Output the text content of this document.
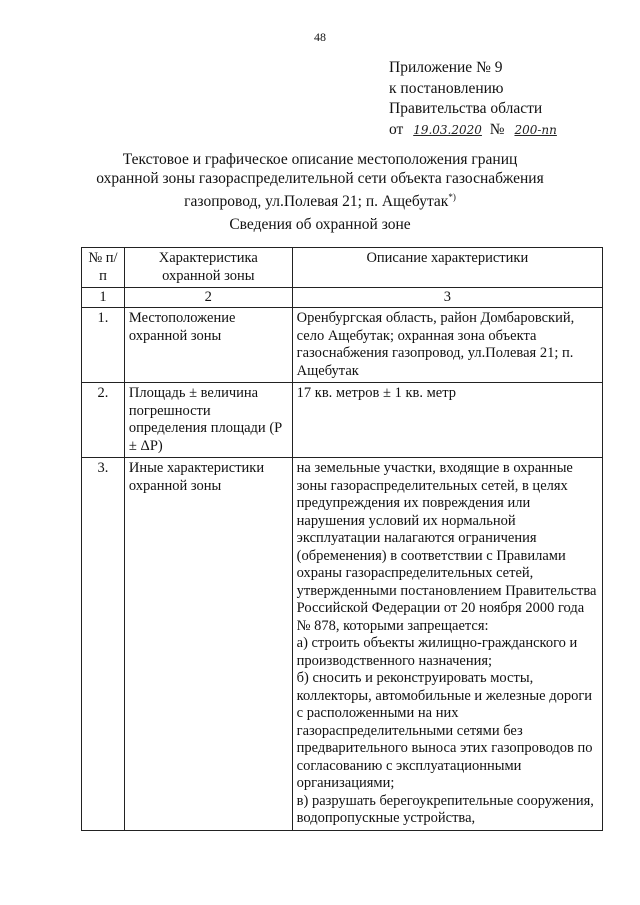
48
Приложение № 9
к постановлению
Правительства области
от 19.03.2020 № 200-пп
Текстовое и графическое описание местоположения границ
охранной зоны газораспределительной сети объекта газоснабжения
газопровод, ул.Полевая 21; п. Ащебутак*)
Сведения об охранной зоне
№ п/п	Характеристика охранной зоны	Описание характеристики
1	2	3
1.	Местоположение охранной зоны	Оренбургская область, район Домбаровский, село Ащебутак; охранная зона объекта газоснабжения газопровод, ул.Полевая 21; п. Ащебутак
2.	Площадь ± величина погрешности определения площади (P ± ΔP)	17 кв. метров ± 1 кв. метр
3.	Иные характеристики охранной зоны	на земельные участки, входящие в охранные зоны газораспределительных сетей, в целях предупреждения их повреждения или нарушения условий их нормальной эксплуатации налагаются ограничения (обременения) в соответствии с Правилами охраны газораспределительных сетей, утвержденными постановлением Правительства Российской Федерации от 20 ноября 2000 года № 878, которыми запрещается:
а) строить объекты жилищно-гражданского и производственного назначения;
б) сносить и реконструировать мосты, коллекторы, автомобильные и железные дороги с расположенными на них газораспределительными сетями без предварительного выноса этих газопроводов по согласованию с эксплуатационными организациями;
в) разрушать берегоукрепительные сооружения, водопропускные устройства,
